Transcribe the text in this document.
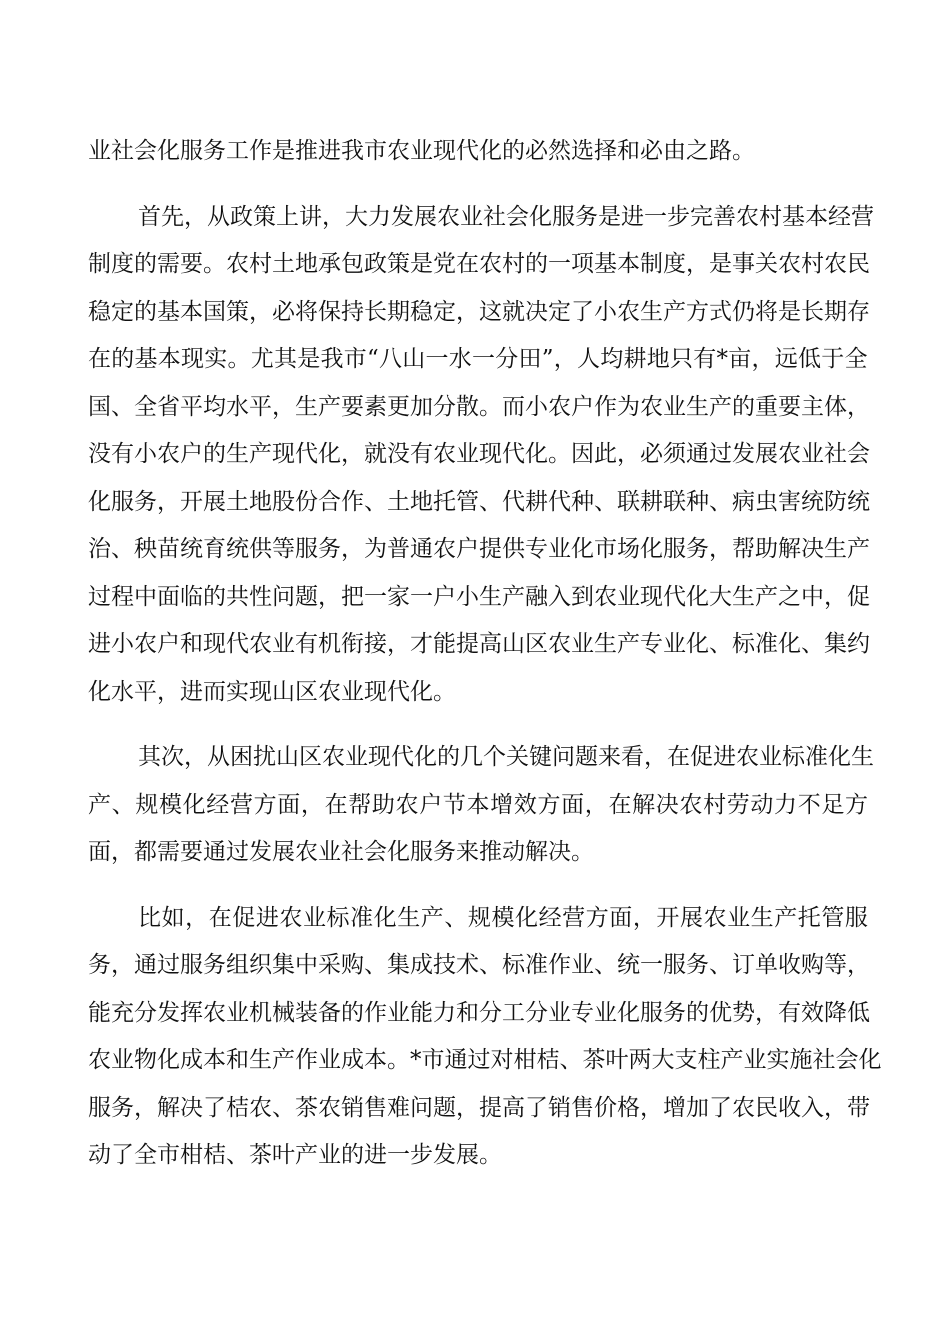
业社会化服务工作是推进我市农业现代化的必然选择和必由之路。
首 先 ， 从 政 策 上 讲 ， 大 力 发 展 农 业 社 会 化 服 务 是 进 一 步 完 善 农 村 基 本 经 营
制 度 的 需 要 。 农 村 土 地 承 包 政 策 是 党 在 农 村 的 一 项 基 本 制 度 ， 是 事 关 农 村 农 民
稳 定 的 基 本 国 策 ， 必 将 保 持 长 期 稳 定 ， 这 就 决 定 了 小 农 生 产 方 式 仍 将 是 长 期 存
在 的 基 本 现 实 。 尤 其 是 我 市 “ 八 山 一 水 一 分 田 ” ， 人 均 耕 地 只 有 * 亩 ， 远 低 于 全
国 、 全 省 平 均 水 平 ， 生 产 要 素 更 加 分 散 。 而 小 农 户 作 为 农 业 生 产 的 重 要 主 体 ，
没 有 小 农 户 的 生 产 现 代 化 ， 就 没 有 农 业 现 代 化 。 因 此 ， 必 须 通 过 发 展 农 业 社 会
化 服 务 ， 开 展 土 地 股 份 合 作 、 土 地 托 管 、 代 耕 代 种 、 联 耕 联 种 、 病 虫 害 统 防 统
治 、 秧 苗 统 育 统 供 等 服 务 ， 为 普 通 农 户 提 供 专 业 化 市 场 化 服 务 ， 帮 助 解 决 生 产
过 程 中 面 临 的 共 性 问 题 ， 把 一 家 一 户 小 生 产 融 入 到 农 业 现 代 化 大 生 产 之 中 ， 促
进 小 农 户 和 现 代 农 业 有 机 衔 接 ， 才 能 提 高 山 区 农 业 生 产 专 业 化 、 标 准 化 、 集 约
化水平，进而实现山区农业现代化。
其 次 ， 从 困 扰 山 区 农 业 现 代 化 的 几 个 关 键 问 题 来 看 ， 在 促 进 农 业 标 准 化 生
产 、 规 模 化 经 营 方 面 ， 在 帮 助 农 户 节 本 增 效 方 面 ， 在 解 决 农 村 劳 动 力 不 足 方
面，都需要通过发展农业社会化服务来推动解决。
比 如 ， 在 促 进 农 业 标 准 化 生 产 、 规 模 化 经 营 方 面 ， 开 展 农 业 生 产 托 管 服
务 ， 通 过 服 务 组 织 集 中 采 购 、 集 成 技 术 、 标 准 作 业 、 统 一 服 务 、 订 单 收 购 等 ，
能 充 分 发 挥 农 业 机 械 装 备 的 作 业 能 力 和 分 工 分 业 专 业 化 服 务 的 优 势 ， 有 效 降 低
农 业 物 化 成 本 和 生 产 作 业 成 本 。 * 市 通 过 对 柑 桔 、 茶 叶 两 大 支 柱 产 业 实 施 社 会 化
服 务 ， 解 决 了 桔 农 、 茶 农 销 售 难 问 题 ， 提 高 了 销 售 价 格 ， 增 加 了 农 民 收 入 ， 带
动了全市柑桔、茶叶产业的进一步发展。
